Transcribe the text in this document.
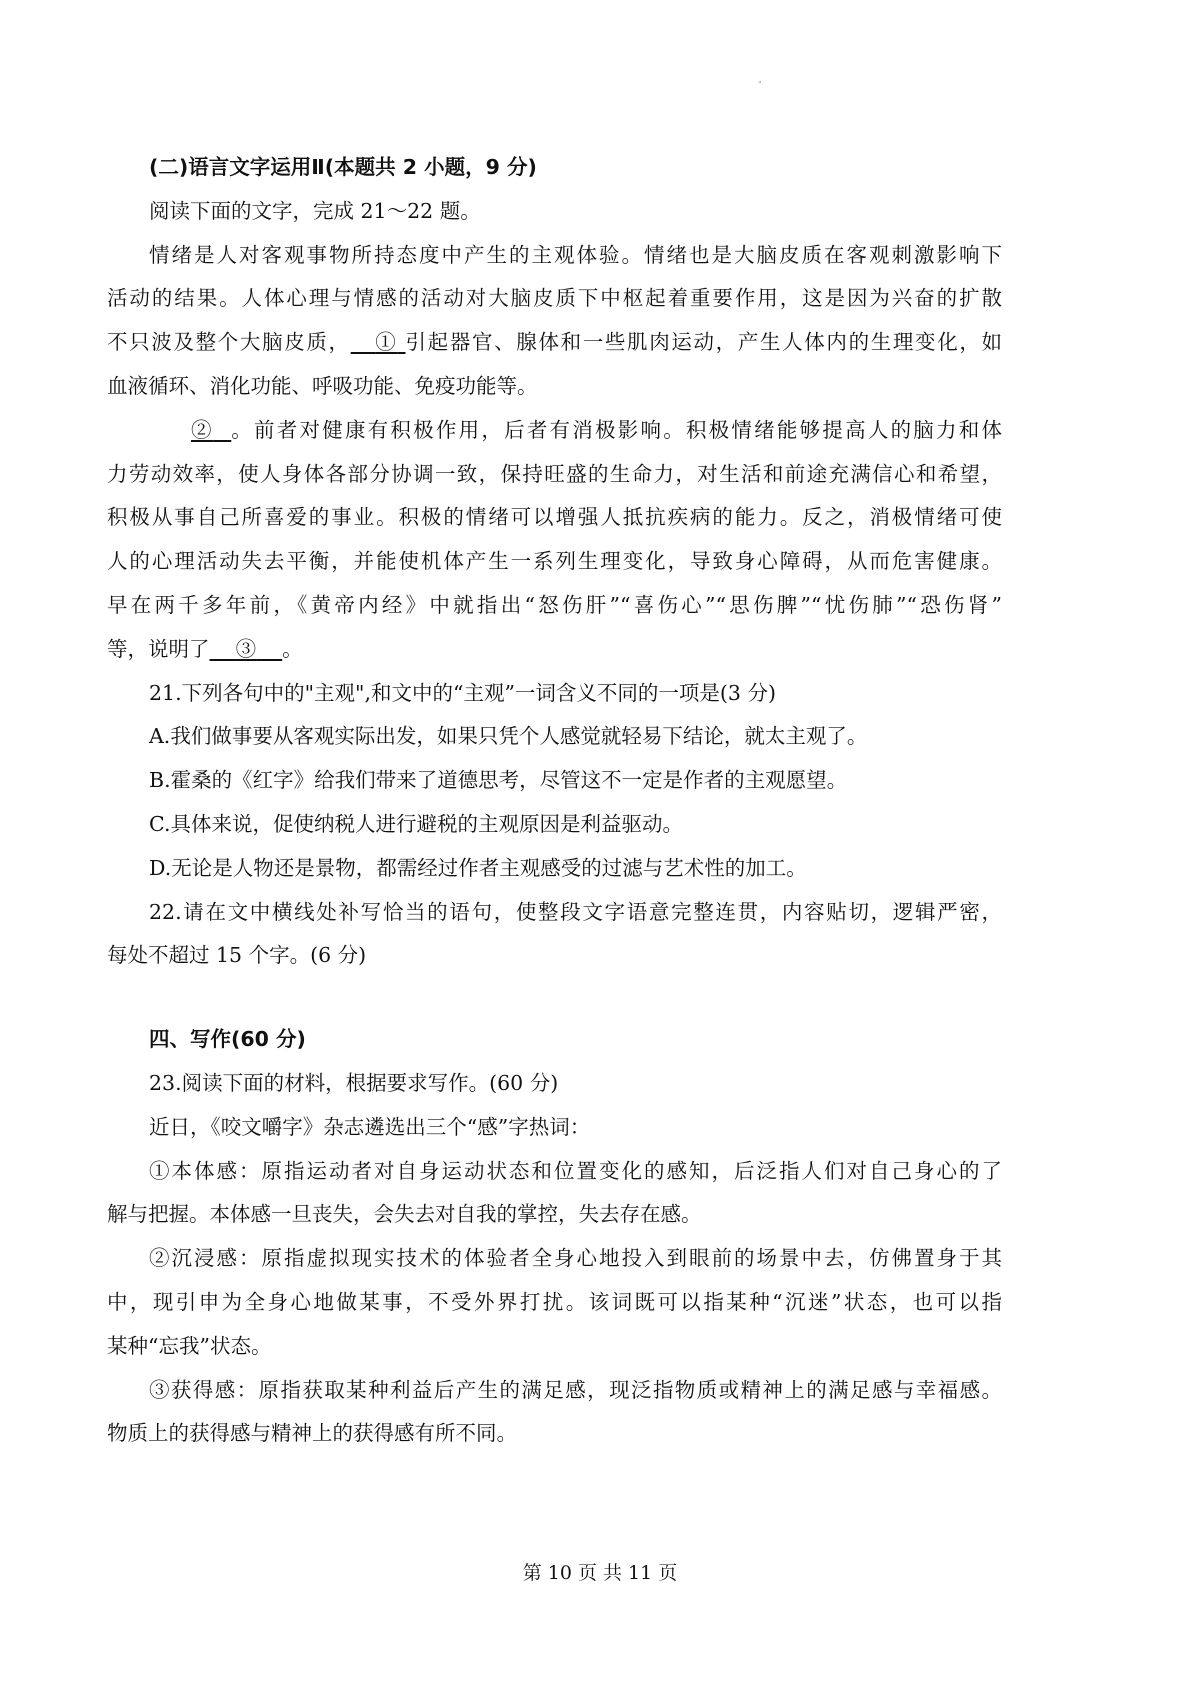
"
(二)语言文字运用Ⅱ(本题共 2 小题，9 分)
阅读下面的文字，完成 21～22 题。
情绪是人对客观事物所持态度中产生的主观体验。情绪也是大脑皮质在客观刺激影响下
活动的结果。人体心理与情感的活动对大脑皮质下中枢起着重要作用，这是因为兴奋的扩散
不只波及整个大脑皮质， ① 引起器官、腺体和一些肌肉运动，产生人体内的生理变化，如
血液循环、消化功能、呼吸功能、免疫功能等。
② 。前者对健康有积极作用，后者有消极影响。积极情绪能够提高人的脑力和体
力劳动效率，使人身体各部分协调一致，保持旺盛的生命力，对生活和前途充满信心和希望，
积极从事自己所喜爱的事业。积极的情绪可以增强人抵抗疾病的能力。反之，消极情绪可使
人的心理活动失去平衡，并能使机体产生一系列生理变化，导致身心障碍，从而危害健康。
早在两千多年前，《黄帝内经》中就指出“怒伤肝”“喜伤心”“思伤脾”“忧伤肺”“恐伤肾”
等，说明了 ③ 。
21.下列各句中的"主观",和文中的“主观”一词含义不同的一项是(3 分)
A.我们做事要从客观实际出发，如果只凭个人感觉就轻易下结论，就太主观了。
B.霍桑的《红字》给我们带来了道德思考，尽管这不一定是作者的主观愿望。
C.具体来说，促使纳税人进行避税的主观原因是利益驱动。
D.无论是人物还是景物，都需经过作者主观感受的过滤与艺术性的加工。
22.请在文中横线处补写恰当的语句，使整段文字语意完整连贯，内容贴切，逻辑严密，
每处不超过 15 个字。(6 分)
四、写作(60 分)
23.阅读下面的材料，根据要求写作。(60 分)
近日，《咬文嚼字》杂志遴选出三个“感”字热词：
①本体感：原指运动者对自身运动状态和位置变化的感知，后泛指人们对自己身心的了
解与把握。本体感一旦丧失，会失去对自我的掌控，失去存在感。
②沉浸感：原指虚拟现实技术的体验者全身心地投入到眼前的场景中去，仿佛置身于其
中，现引申为全身心地做某事，不受外界打扰。该词既可以指某种“沉迷”状态，也可以指
某种“忘我”状态。
③获得感：原指获取某种利益后产生的满足感，现泛指物质或精神上的满足感与幸福感。
物质上的获得感与精神上的获得感有所不同。
第 10 页 共 11 页
